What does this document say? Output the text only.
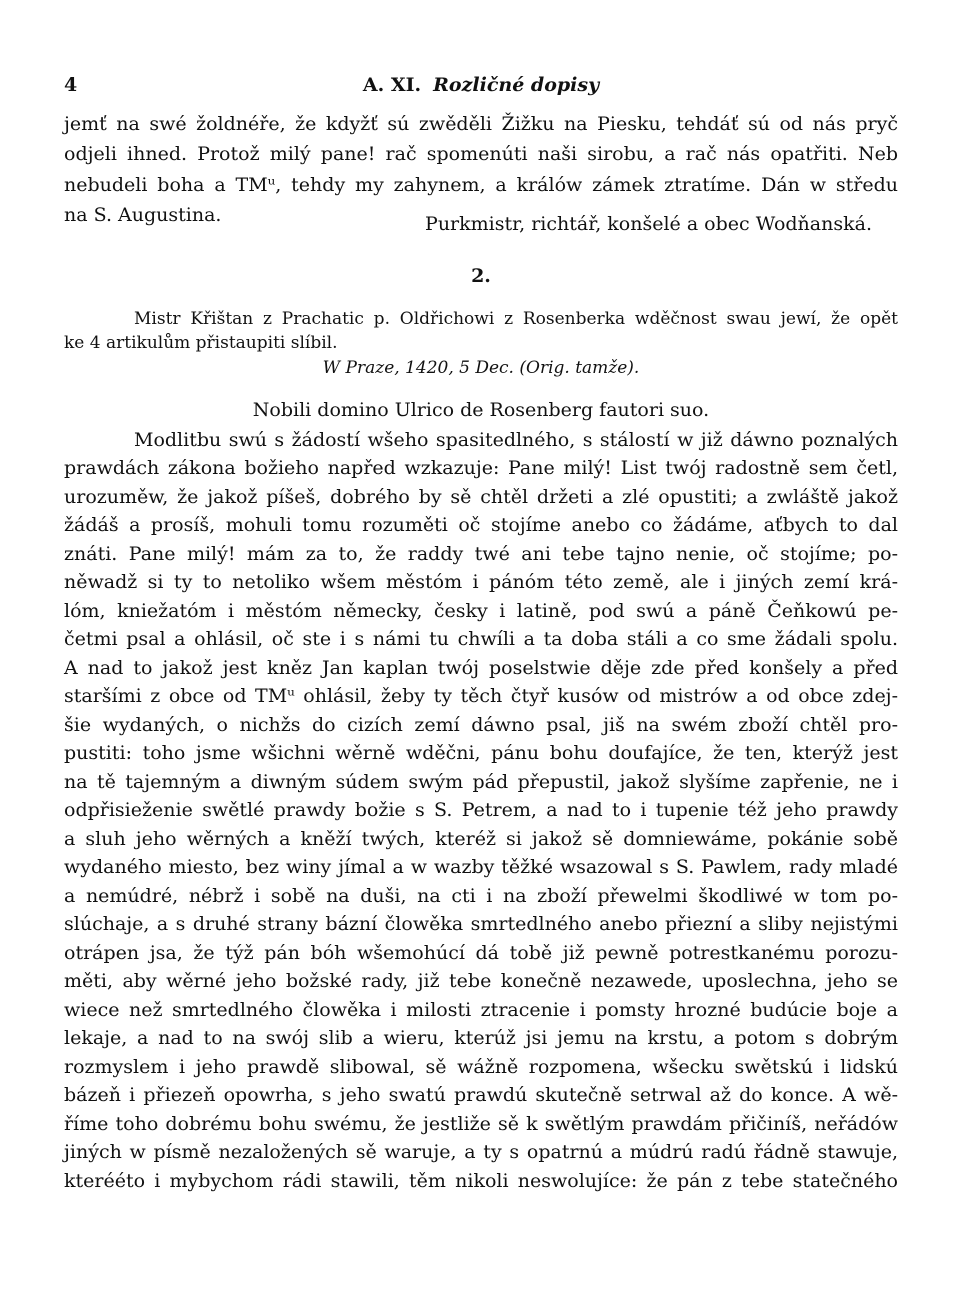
4	A. XI. Rozličné dopisy
jemť na swé žoldnéře, že kdyžť sú zwěděli Žižku na Piesku, tehdáť sú od nás pryč
odjeli ihned. Protož milý pane! rač spomenúti naši sirobu, a rač nás opatřiti. Neb
nebudeli boha a TMᵘ, tehdy my zahynem, a králów zámek ztratíme. Dán w středu
na S. Augustina.	Purkmistr, richtář, konšelé a obec Wodňanská.
2.
Mistr Křištan z Prachatic p. Oldřichowi z Rosenberka wděčnost swau jewí, že opět
ke 4 artikulům přistaupiti slíbil.
W Praze, 1420, 5 Dec. (Orig. tamže).
Nobili domino Ulrico de Rosenberg fautori suo.
Modlitbu swú s žádostí wšeho spasitedlného, s stálostí w již dáwno poznalých
prawdách zákona božieho napřed wzkazuje: Pane milý! List twój radostně sem četl,
urozuměw, že jakož píšeš, dobrého by sě chtěl držeti a zlé opustiti; a zwláště jakož
žádáš a prosíš, mohuli tomu rozuměti oč stojíme anebo co žádáme, aťbych to dal
znáti. Pane milý! mám za to, že raddy twé ani tebe tajno nenie, oč stojíme; po-
něwadž si ty to netoliko wšem městóm i pánóm této země, ale i jiných zemí krá-
lóm, kniežatóm i městóm německy, česky i latině, pod swú a páně Čeňkowú pe-
četmi psal a ohlásil, oč ste i s námi tu chwíli a ta doba stáli a co sme žádali spolu.
A nad to jakož jest kněz Jan kaplan twój poselstwie děje zde před konšely a před
staršími z obce od TMᵘ ohlásil, žeby ty těch čtyř kusów od mistrów a od obce zdej-
šie wydaných, o nichžs do cizích zemí dáwno psal, jiš na swém zboží chtěl pro-
pustiti: toho jsme wšichni wěrně wděčni, pánu bohu doufajíce, že ten, kterýž jest
na tě tajemným a diwným súdem swým pád přepustil, jakož slyšíme zapřenie, ne i
odpřisieženie swětlé prawdy božie s S. Petrem, a nad to i tupenie též jeho prawdy
a sluh jeho wěrných a kněží twých, kteréž si jakož sě domniewáme, pokánie sobě
wydaného miesto, bez winy jímal a w wazby těžké wsazowal s S. Pawlem, rady mladé
a nemúdré, nébrž i sobě na duši, na cti i na zboží přewelmi škodliwé w tom po-
slúchaje, a s druhé strany bázní člowěka smrtedlného anebo přiezní a sliby nejistými
otrápen jsa, že týž pán bóh wšemohúcí dá tobě již pewně potrestkanému porozu-
měti, aby wěrné jeho božské rady, již tebe konečně nezawede, uposlechna, jeho se
wiece než smrtedlného člowěka i milosti ztracenie i pomsty hrozné budúcie boje a
lekaje, a nad to na swój slib a wieru, kterúž jsi jemu na krstu, a potom s dobrým
rozmyslem i jeho prawdě slibowal, sě wážně rozpomena, wšecku swětskú i lidskú
bázeň i přiezeň opowrha, s jeho swatú prawdú skutečně setrwal až do konce. A wě-
říme toho dobrému bohu swému, že jestliže sě k swětlým prawdám přičiníš, neřádów
jiných w písmě nezaložených sě waruje, a ty s opatrnú a múdrú radú řádně stawuje,
kterééto i mybychom rádi stawili, těm nikoli neswolujíce: že pán z tebe statečného
